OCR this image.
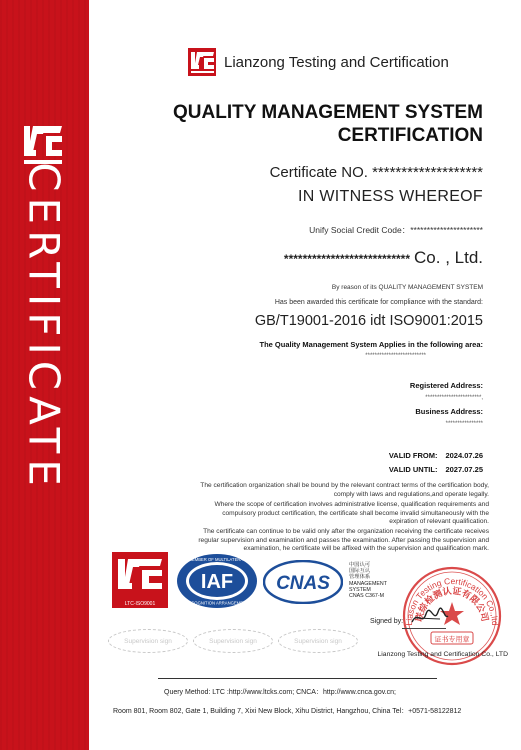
CERTIFICATE
Lianzong Testing and Certification
QUALITY MANAGEMENT SYSTEM
CERTIFICATION
Certificate NO. *******************
IN WITNESS WHEREOF
Unify Social Credit Code：**********************
*************************** Co. , Ltd.
By reason of its QUALITY MANAGEMENT SYSTEM
Has been awarded this certificate for compliance with the standard:
GB/T19001-2016 idt ISO9001:2015
The Quality Management System Applies in the following area:
**************************
Registered Address:
************************,
Business Address:
****************
VALID FROM: 2024.07.26
VALID UNTIL: 2027.07.25
The certification organization shall be bound by the relevant contract terms of the certification body,
comply with laws and regulations,and operate legally.
Where the scope of certification involves administrative license, qualification requirements and
compulsory product certification, the certificate shall become invalid simultaneously with the
expiration of relevant qualification.
The certificate can continue to be valid only after the organization receiving the certificate receives
regular supervision and examination and passes the examination. After passing the supervision and
examination, he certificate will be affixed with the supervision and qualification mark.
LTC-ISO9001
IAF
MEMBER OF MULTILATERAL
RECOGNITION ARRANGEMENT
CNAS
中国认可
国际互认
管理体系
MANAGEMENT
SYSTEM
CNAS C367-M
Liason Testing Certification Co.,ltd
联综检测认证有限公司
证书专用章
Supervision sign	Supervision sign	Supervision sign
Signed by:
Lianzong Testing and Certification Co., LTD
Query Method: LTC :http://www.ltcks.com; CNCA：http://www.cnca.gov.cn;
Room 801, Room 802, Gate 1, Building 7, Xixi New Block, Xihu District, Hangzhou, China Tel：+0571-58122812
